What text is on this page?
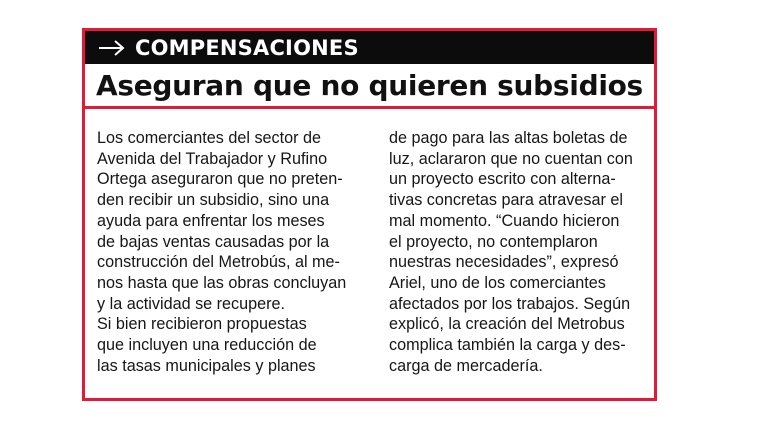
COMPENSACIONES
Aseguran que no quieren subsidios
Los comerciantes del sector de
Avenida del Trabajador y Rufino
Ortega aseguraron que no preten-
den recibir un subsidio, sino una
ayuda para enfrentar los meses
de bajas ventas causadas por la
construcción del Metrobús, al me-
nos hasta que las obras concluyan
y la actividad se recupere.
Si bien recibieron propuestas
que incluyen una reducción de
las tasas municipales y planes
de pago para las altas boletas de
luz, aclararon que no cuentan con
un proyecto escrito con alterna-
tivas concretas para atravesar el
mal momento. “Cuando hicieron
el proyecto, no contemplaron
nuestras necesidades”, expresó
Ariel, uno de los comerciantes
afectados por los trabajos. Según
explicó, la creación del Metrobus
complica también la carga y des-
carga de mercadería.
